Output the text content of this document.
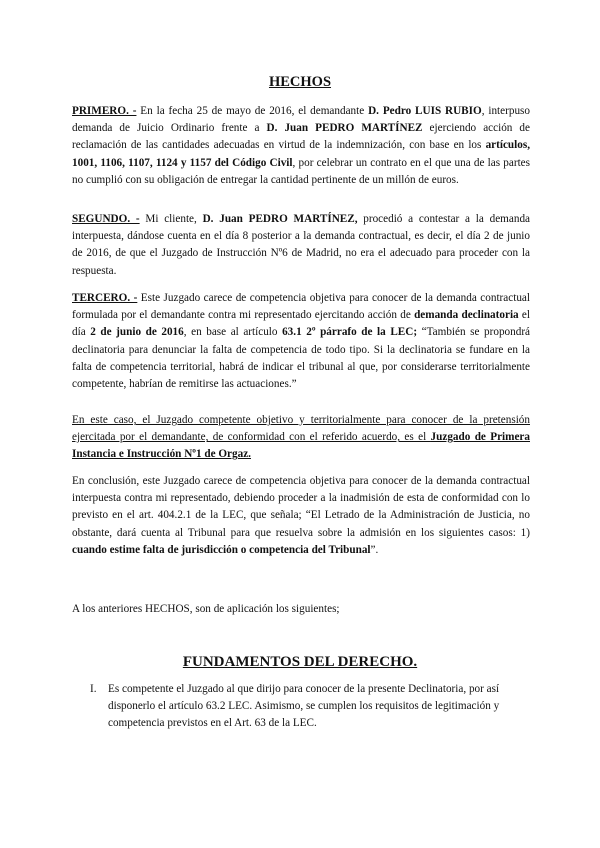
HECHOS
PRIMERO. - En la fecha 25 de mayo de 2016, el demandante D. Pedro LUIS RUBIO, interpuso demanda de Juicio Ordinario frente a D. Juan PEDRO MARTÍNEZ ejerciendo acción de reclamación de las cantidades adecuadas en virtud de la indemnización, con base en los artículos, 1001, 1106, 1107, 1124 y 1157 del Código Civil, por celebrar un contrato en el que una de las partes no cumplió con su obligación de entregar la cantidad pertinente de un millón de euros.
SEGUNDO. - Mi cliente, D. Juan PEDRO MARTÍNEZ, procedió a contestar a la demanda interpuesta, dándose cuenta en el día 8 posterior a la demanda contractual, es decir, el día 2 de junio de 2016, de que el Juzgado de Instrucción Nº6 de Madrid, no era el adecuado para proceder con la respuesta.
TERCERO. - Este Juzgado carece de competencia objetiva para conocer de la demanda contractual formulada por el demandante contra mi representado ejercitando acción de demanda declinatoria el día 2 de junio de 2016, en base al artículo 63.1 2º párrafo de la LEC; “También se propondrá declinatoria para denunciar la falta de competencia de todo tipo. Si la declinatoria se fundare en la falta de competencia territorial, habrá de indicar el tribunal al que, por considerarse territorialmente competente, habrían de remitirse las actuaciones.”
En este caso, el Juzgado competente objetivo y territorialmente para conocer de la pretensión ejercitada por el demandante, de conformidad con el referido acuerdo, es el Juzgado de Primera Instancia e Instrucción Nº1 de Orgaz.
En conclusión, este Juzgado carece de competencia objetiva para conocer de la demanda contractual interpuesta contra mi representado, debiendo proceder a la inadmisión de esta de conformidad con lo previsto en el art. 404.2.1 de la LEC, que señala; “El Letrado de la Administración de Justicia, no obstante, dará cuenta al Tribunal para que resuelva sobre la admisión en los siguientes casos: 1) cuando estime falta de jurisdicción o competencia del Tribunal”.
A los anteriores HECHOS, son de aplicación los siguientes;
FUNDAMENTOS DEL DERECHO.
I. Es competente el Juzgado al que dirijo para conocer de la presente Declinatoria, por así disponerlo el artículo 63.2 LEC. Asimismo, se cumplen los requisitos de legitimación y competencia previstos en el Art. 63 de la LEC.
